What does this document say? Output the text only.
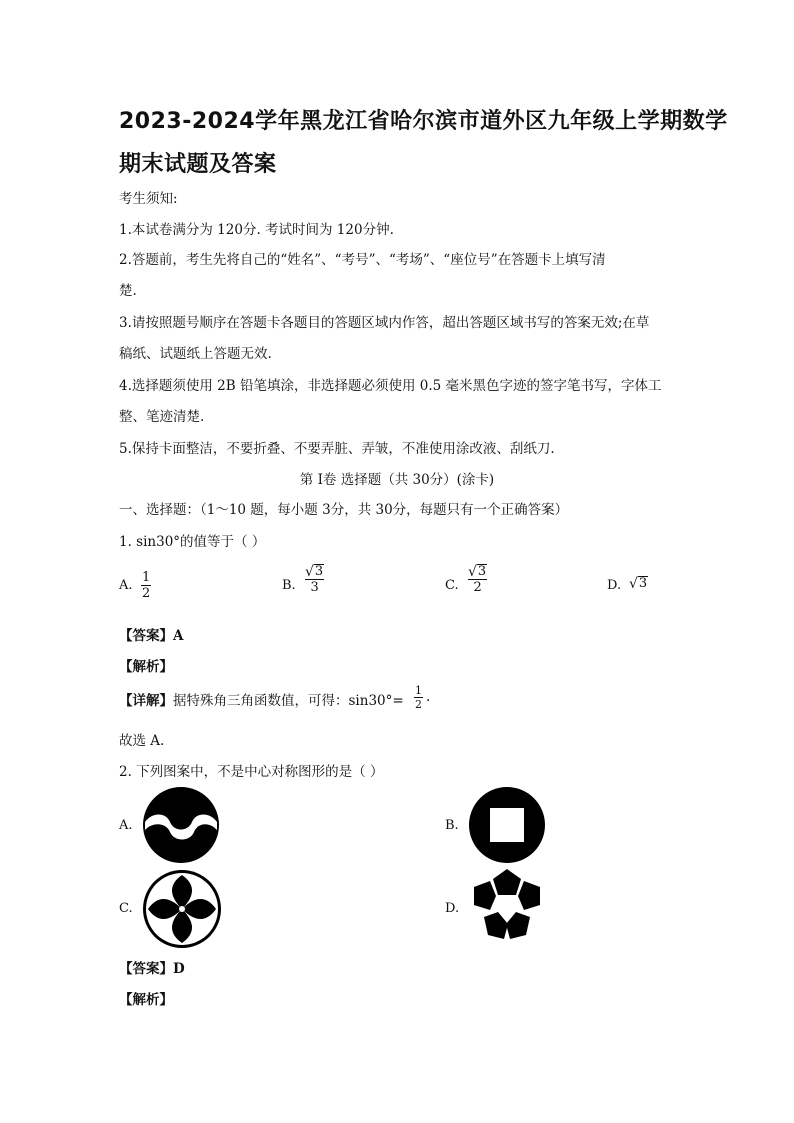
2023-2024学年黑龙江省哈尔滨市道外区九年级上学期数学
期末试题及答案
考生须知:
1.本试卷满分为 120分. 考试时间为 120分钟.
2.答题前，考生先将自己的“姓名”、“考号”、“考场”、“座位号”在答题卡上填写清
楚.
3.请按照题号顺序在答题卡各题目的答题区域内作答，超出答题区域书写的答案无效;在草
稿纸、试题纸上答题无效.
4.选择题须使用 2B 铅笔填涂，非选择题必须使用 0.5 毫米黑色字迹的签字笔书写，字体工
整、笔迹清楚.
5.保持卡面整洁，不要折叠、不要弄脏、弄皱，不准使用涂改液、刮纸刀.
第 I卷 选择题（共 30分）(涂卡)
一、选择题：（1～10 题，每小题 3分，共 30分，每题只有一个正确答案）
1. sin30°的值等于（ ）
A.
1
2
B.
√ 3
3	C.
√ 3
2	D. √ 3
【答案】A
【解析】
【详解】据特殊角三角函数值，可得：sin30°=
1
2 .
故选 A.
2. 下列图案中，不是中心对称图形的是（ ）
A.	B.
C.	D.
【答案】D
【解析】
